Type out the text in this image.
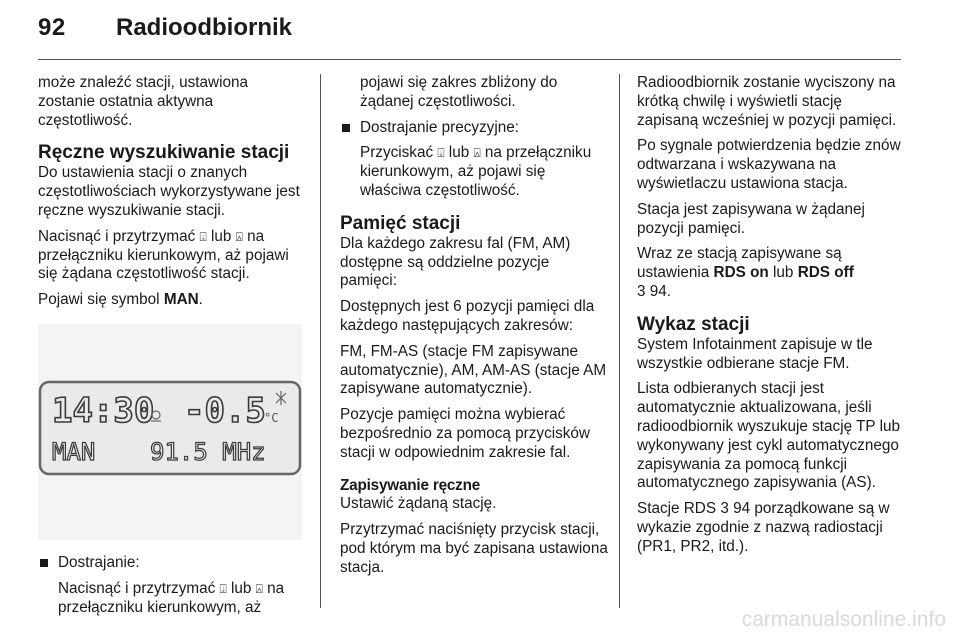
92 Radioodbiornik

może znaleźć stacji, ustawiona zostanie ostatnia aktywna częstotliwość.

Ręczne wyszukiwanie stacji

Do ustawienia stacji o znanych częstotliwościach wykorzystywane jest ręczne wyszukiwanie stacji.

Nacisnąć i przytrzymać ⍗ lub ⍓ na przełączniku kierunkowym, aż pojawi się żądana częstotliwość stacji.

Pojawi się symbol MAN.

14:30 -0.5
°C
MAN 91.5 MHz
Dostrajanie:

Nacisnąć i przytrzymać ⍗ lub ⍓ na przełączniku kierunkowym, aż

pojawi się zakres zbliżony do żądanej częstotliwości.

Dostrajanie precyzyjne:

Przyciskać ⍗ lub ⍓ na przełączniku kierunkowym, aż pojawi się właściwa częstotliwość.

Pamięć stacji

Dla każdego zakresu fal (FM, AM) dostępne są oddzielne pozycje pamięci:

Dostępnych jest 6 pozycji pamięci dla każdego następujących zakresów:

FM, FM-AS (stacje FM zapisywane automatycznie), AM, AM-AS (stacje AM zapisywane automatycznie).

Pozycje pamięci można wybierać bezpośrednio za pomocą przycisków stacji w odpowiednim zakresie fal.

Zapisywanie ręczne

Ustawić żądaną stację.

Przytrzymać naciśnięty przycisk stacji, pod którym ma być zapisana ustawiona stacja.

Radioodbiornik zostanie wyciszony na krótką chwilę i wyświetli stację zapisaną wcześniej w pozycji pamięci.

Po sygnale potwierdzenia będzie znów odtwarzana i wskazywana na wyświetlaczu ustawiona stacja.

Stacja jest zapisywana w żądanej pozycji pamięci.

Wraz ze stacją zapisywane są ustawienia RDS on lub RDS off
3 94.

Wykaz stacji

System Infotainment zapisuje w tle wszystkie odbierane stacje FM.

Lista odbieranych stacji jest automatycznie aktualizowana, jeśli radioodbiornik wyszukuje stację TP lub wykonywany jest cykl automatycznego zapisywania za pomocą funkcji automatycznego zapisywania (AS).

Stacje RDS 3 94 porządkowane są w wykazie zgodnie z nazwą radiostacji (PR1, PR2, itd.).

carmanualsonline.info
